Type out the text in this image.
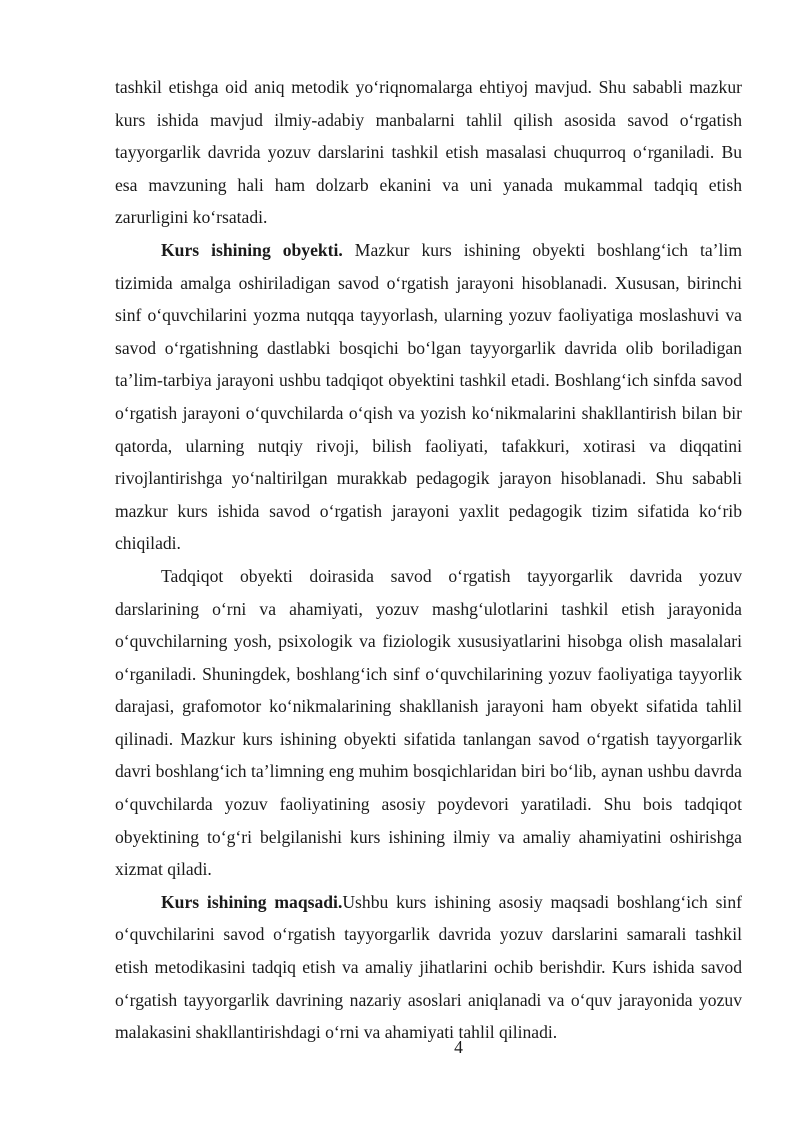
tashkil etishga oid aniq metodik yo‘riqnomalarga ehtiyoj mavjud. Shu sababli mazkur kurs ishida mavjud ilmiy-adabiy manbalarni tahlil qilish asosida savod o‘rgatish tayyorgarlik davrida yozuv darslarini tashkil etish masalasi chuqurroq o‘rganiladi. Bu esa mavzuning hali ham dolzarb ekanini va uni yanada mukammal tadqiq etish zarurligini ko‘rsatadi.

Kurs ishining obyekti. Mazkur kurs ishining obyekti boshlang‘ich ta’lim tizimida amalga oshiriladigan savod o‘rgatish jarayoni hisoblanadi. Xususan, birinchi sinf o‘quvchilarini yozma nutqqa tayyorlash, ularning yozuv faoliyatiga moslashuvi va savod o‘rgatishning dastlabki bosqichi bo‘lgan tayyorgarlik davrida olib boriladigan ta’lim-tarbiya jarayoni ushbu tadqiqot obyektini tashkil etadi. Boshlang‘ich sinfda savod o‘rgatish jarayoni o‘quvchilarda o‘qish va yozish ko‘nikmalarini shakllantirish bilan bir qatorda, ularning nutqiy rivoji, bilish faoliyati, tafakkuri, xotirasi va diqqatini rivojlantirishga yo‘naltirilgan murakkab pedagogik jarayon hisoblanadi. Shu sababli mazkur kurs ishida savod o‘rgatish jarayoni yaxlit pedagogik tizim sifatida ko‘rib chiqiladi.

Tadqiqot obyekti doirasida savod o‘rgatish tayyorgarlik davrida yozuv darslarining o‘rni va ahamiyati, yozuv mashg‘ulotlarini tashkil etish jarayonida o‘quvchilarning yosh, psixologik va fiziologik xususiyatlarini hisobga olish masalalari o‘rganiladi. Shuningdek, boshlang‘ich sinf o‘quvchilarining yozuv faoliyatiga tayyorlik darajasi, grafomotor ko‘nikmalarining shakllanish jarayoni ham obyekt sifatida tahlil qilinadi. Mazkur kurs ishining obyekti sifatida tanlangan savod o‘rgatish tayyorgarlik davri boshlang‘ich ta’limning eng muhim bosqichlaridan biri bo‘lib, aynan ushbu davrda o‘quvchilarda yozuv faoliyatining asosiy poydevori yaratiladi. Shu bois tadqiqot obyektining to‘g‘ri belgilanishi kurs ishining ilmiy va amaliy ahamiyatini oshirishga xizmat qiladi.

Kurs ishining maqsadi.Ushbu kurs ishining asosiy maqsadi boshlang‘ich sinf o‘quvchilarini savod o‘rgatish tayyorgarlik davrida yozuv darslarini samarali tashkil etish metodikasini tadqiq etish va amaliy jihatlarini ochib berishdir. Kurs ishida savod o‘rgatish tayyorgarlik davrining nazariy asoslari aniqlanadi va o‘quv jarayonida yozuv malakasini shakllantirishdagi o‘rni va ahamiyati tahlil qilinadi.

4
